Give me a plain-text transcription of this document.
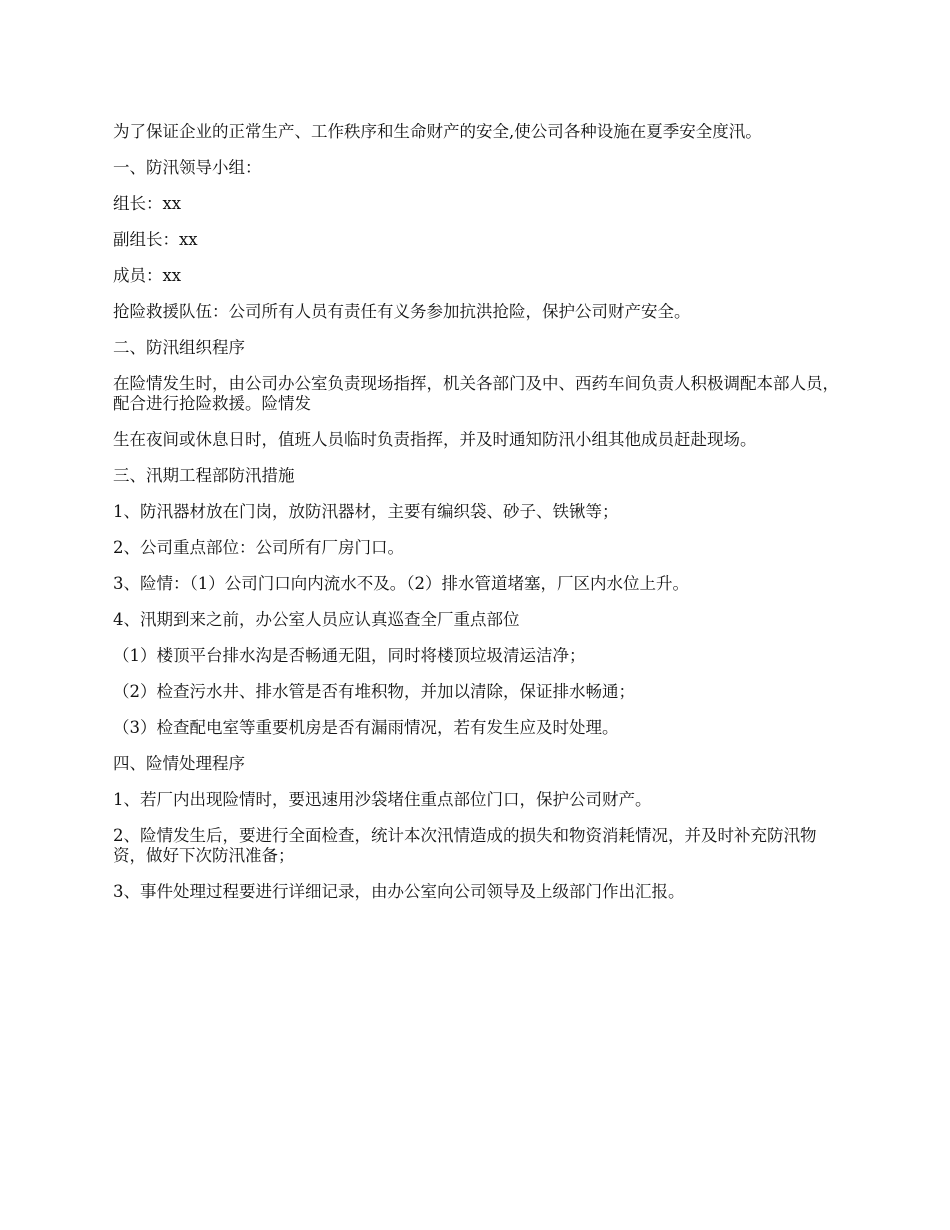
为了保证企业的正常生产、工作秩序和生命财产的安全,使公司各种设施在夏季安全度汛。

一、防汛领导小组：

组长：xx

副组长：xx

成员：xx

抢险救援队伍：公司所有人员有责任有义务参加抗洪抢险，保护公司财产安全。

二、防汛组织程序

在险情发生时，由公司办公室负责现场指挥，机关各部门及中、西药车间负责人积极调配本部人员，配合进行抢险救援。险情发

生在夜间或休息日时，值班人员临时负责指挥，并及时通知防汛小组其他成员赶赴现场。

三、汛期工程部防汛措施

1、防汛器材放在门岗，放防汛器材，主要有编织袋、砂子、铁锹等；

2、公司重点部位：公司所有厂房门口。

3、险情：（1）公司门口向内流水不及。（2）排水管道堵塞，厂区内水位上升。

4、汛期到来之前，办公室人员应认真巡查全厂重点部位

（1）楼顶平台排水沟是否畅通无阻，同时将楼顶垃圾清运洁净；

（2）检查污水井、排水管是否有堆积物，并加以清除，保证排水畅通；

（3）检查配电室等重要机房是否有漏雨情况，若有发生应及时处理。

四、险情处理程序

1、若厂内出现险情时，要迅速用沙袋堵住重点部位门口，保护公司财产。

2、险情发生后，要进行全面检查，统计本次汛情造成的损失和物资消耗情况，并及时补充防汛物资，做好下次防汛准备；

3、事件处理过程要进行详细记录，由办公室向公司领导及上级部门作出汇报。
